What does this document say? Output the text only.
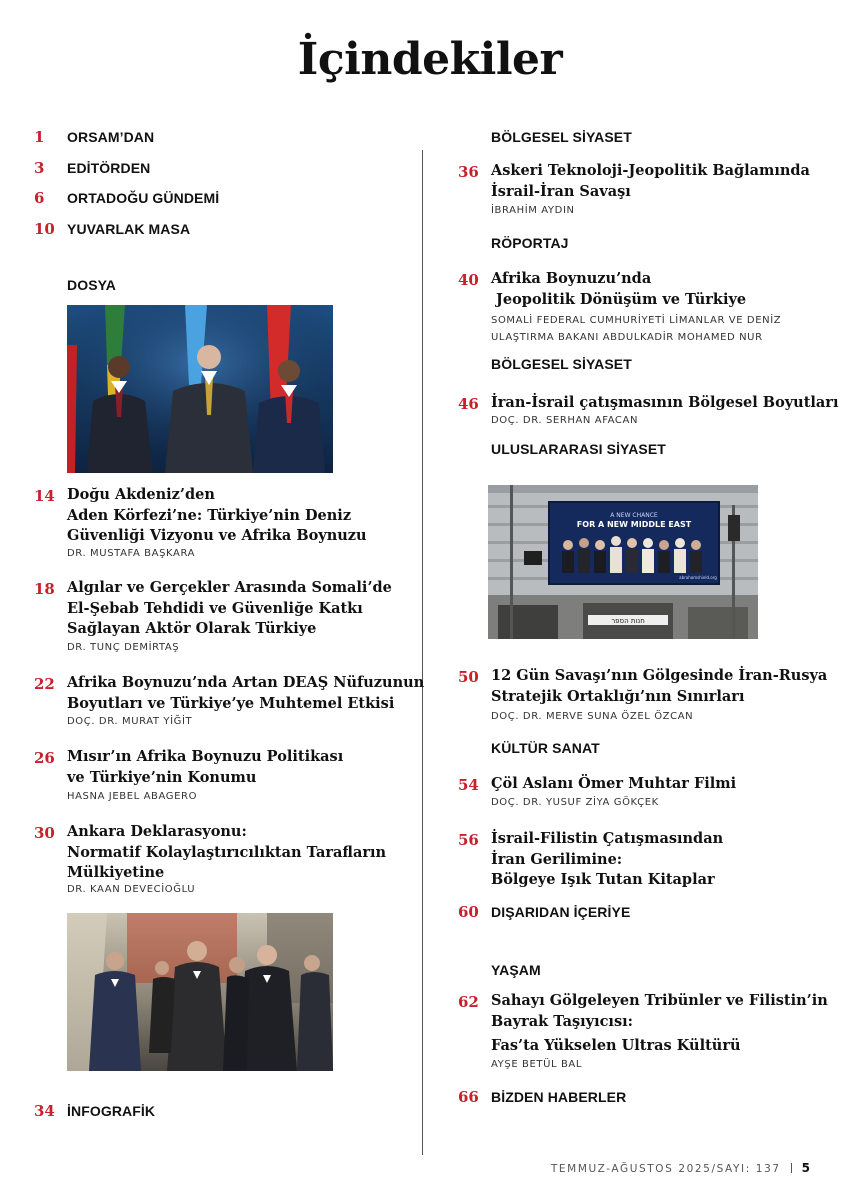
İçindekiler
1 ORSAM’DAN
3 EDİTÖRDEN
6 ORTADOĞU GÜNDEMİ
10 YUVARLAK MASA
DOSYA
14 Doğu Akdeniz’den
Aden Körfezi’ne: Türkiye’nin Deniz
Güvenliği Vizyonu ve Afrika Boynuzu
DR. MUSTAFA BAŞKARA
18 Algılar ve Gerçekler Arasında Somali’de
El-Şebab Tehdidi ve Güvenliğe Katkı
Sağlayan Aktör Olarak Türkiye
DR. TUNÇ DEMİRTAŞ
22 Afrika Boynuzu’nda Artan DEAŞ Nüfuzunun
Boyutları ve Türkiye’ye Muhtemel Etkisi
DOÇ. DR. MURAT YİĞİT
26 Mısır’ın Afrika Boynuzu Politikası
ve Türkiye’nin Konumu
HASNA JEBEL ABAGERO
30 Ankara Deklarasyonu:
Normatif Kolaylaştırıcılıktan Tarafların
Mülkiyetine
DR. KAAN DEVECİOĞLU
34 İNFOGRAFİK
BÖLGESEL SİYASET
36 Askeri Teknoloji-Jeopolitik Bağlamında
İsrail-İran Savaşı
İBRAHİM AYDIN
RÖPORTAJ
40 Afrika Boynuzu’nda
Jeopolitik Dönüşüm ve Türkiye
SOMALİ FEDERAL CUMHURİYETİ LİMANLAR VE DENİZ
ULAŞTIRMA BAKANI ABDULKADİR MOHAMED NUR
BÖLGESEL SİYASET
46 İran-İsrail çatışmasının Bölgesel Boyutları
DOÇ. DR. SERHAN AFACAN
ULUSLARARASI SİYASET
A NEW CHANCE
FOR A NEW MIDDLE EAST
abrahamshield.org
חנות הספר
50 12 Gün Savaşı’nın Gölgesinde İran-Rusya
Stratejik Ortaklığı’nın Sınırları
DOÇ. DR. MERVE SUNA ÖZEL ÖZCAN
KÜLTÜR SANAT
54 Çöl Aslanı Ömer Muhtar Filmi
DOÇ. DR. YUSUF ZİYA GÖKÇEK
56 İsrail-Filistin Çatışmasından
İran Gerilimine:
Bölgeye Işık Tutan Kitaplar
60 DIŞARIDAN İÇERİYE
YAŞAM
62 Sahayı Gölgeleyen Tribünler ve Filistin’in
Bayrak Taşıyıcısı:
Fas’ta Yükselen Ultras Kültürü
AYŞE BETÜL BAL
66 BİZDEN HABERLER
TEMMUZ-AĞUSTOS 2025/SAYI: 137 5
